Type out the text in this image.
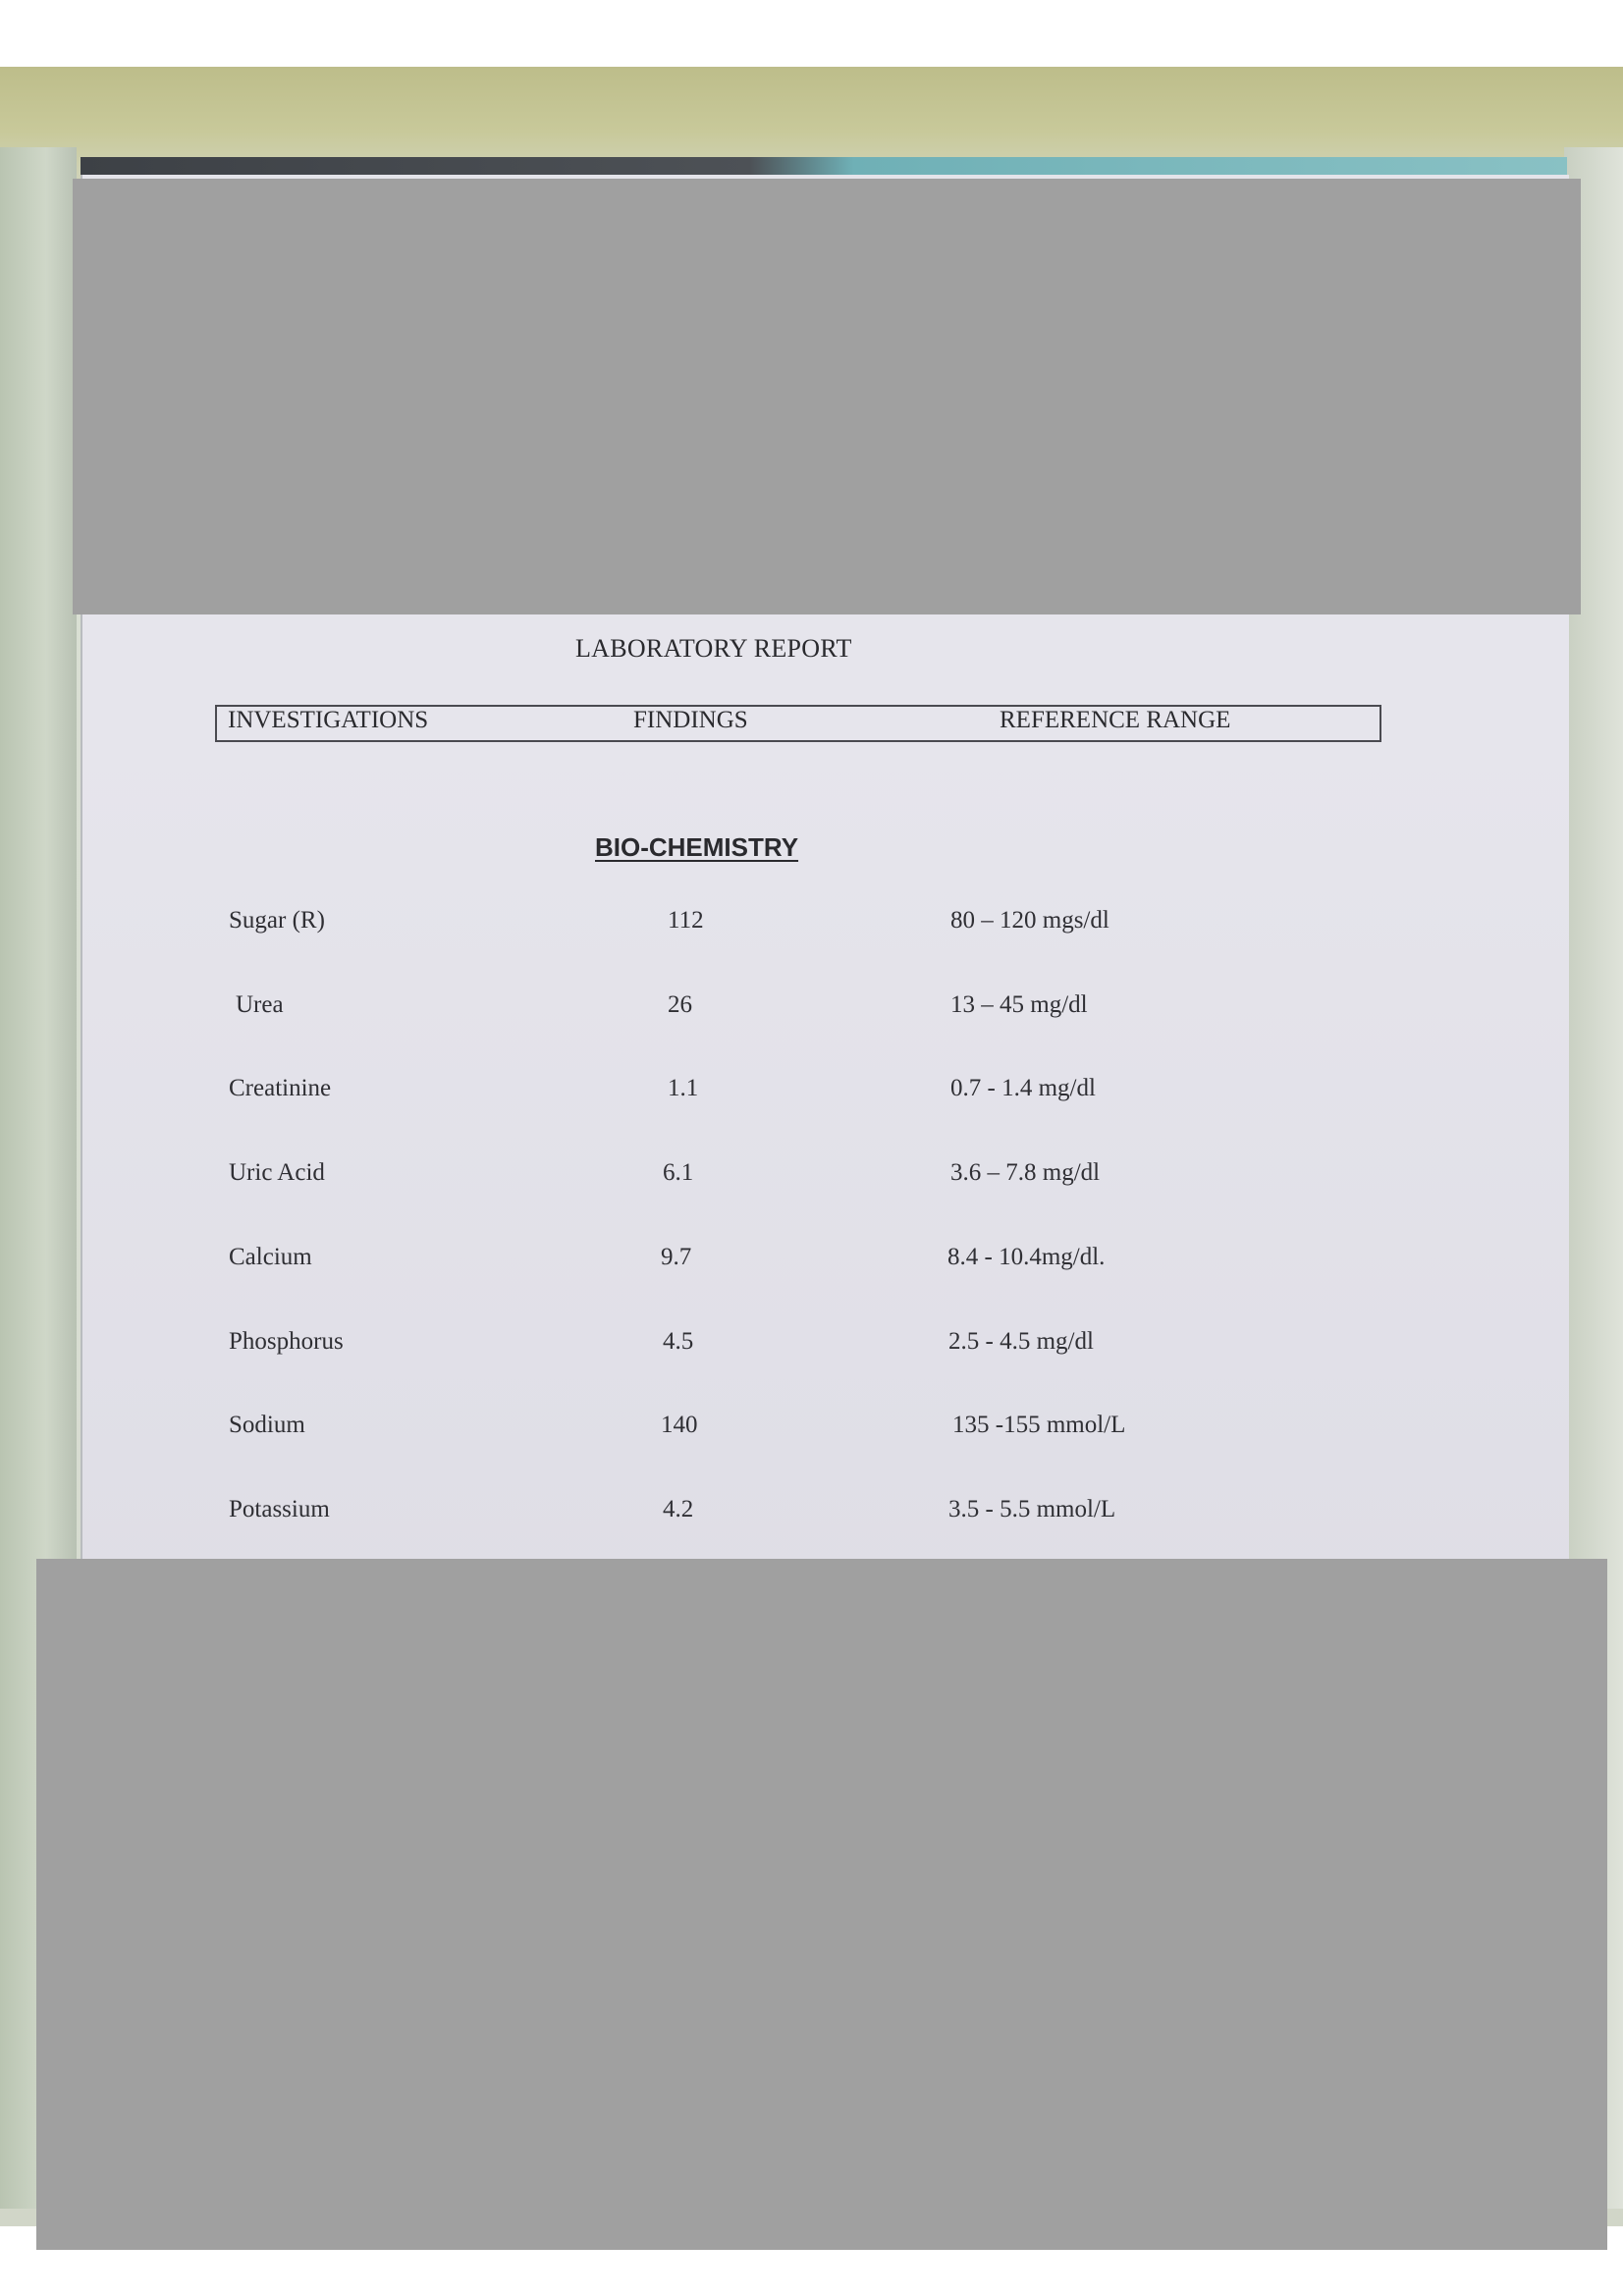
LABORATORY REPORT
INVESTIGATIONS	FINDINGS	REFERENCE RANGE
BIO-CHEMISTRY
Sugar (R)	112	80 – 120 mgs/dl
Urea	26	13 – 45 mg/dl
Creatinine	1.1	0.7 - 1.4 mg/dl
Uric Acid	6.1	3.6 – 7.8 mg/dl
Calcium	9.7	8.4 - 10.4mg/dl.
Phosphorus	4.5	2.5 - 4.5 mg/dl
Sodium	140	135 -155 mmol/L
Potassium	4.2	3.5 - 5.5 mmol/L
